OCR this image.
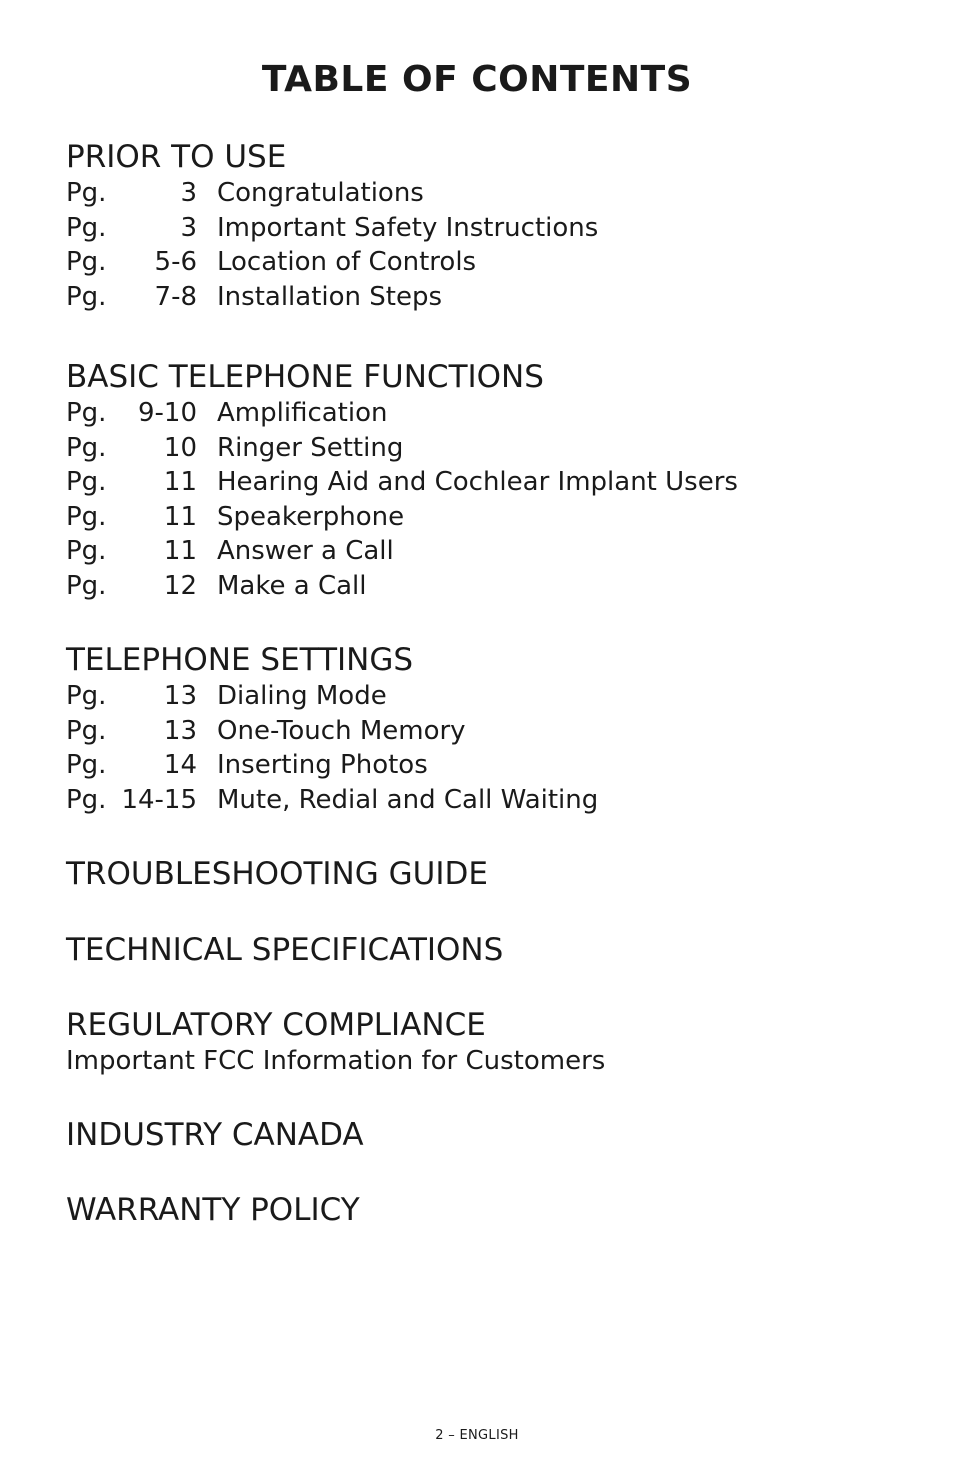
TABLE OF CONTENTS
PRIOR TO USE
Pg.	3 Congratulations
Pg.	3 Important Safety Instructions
Pg. 5-6 Location of Controls
Pg. 7-8 Installation Steps
BASIC TELEPHONE FUNCTIONS
Pg. 9-10 Amplification
Pg. 10 Ringer Setting
Pg. 11 Hearing Aid and Cochlear Implant Users
Pg. 11 Speakerphone
Pg. 11 Answer a Call
Pg. 12 Make a Call
TELEPHONE SETTINGS
Pg. 13 Dialing Mode
Pg. 13 One-Touch Memory
Pg. 14 Inserting Photos
Pg. 14-15 Mute, Redial and Call Waiting
TROUBLESHOOTING GUIDE
TECHNICAL SPECIFICATIONS
REGULATORY COMPLIANCE
Important FCC Information for Customers
INDUSTRY CANADA
WARRANTY POLICY
2 – ENGLISH
